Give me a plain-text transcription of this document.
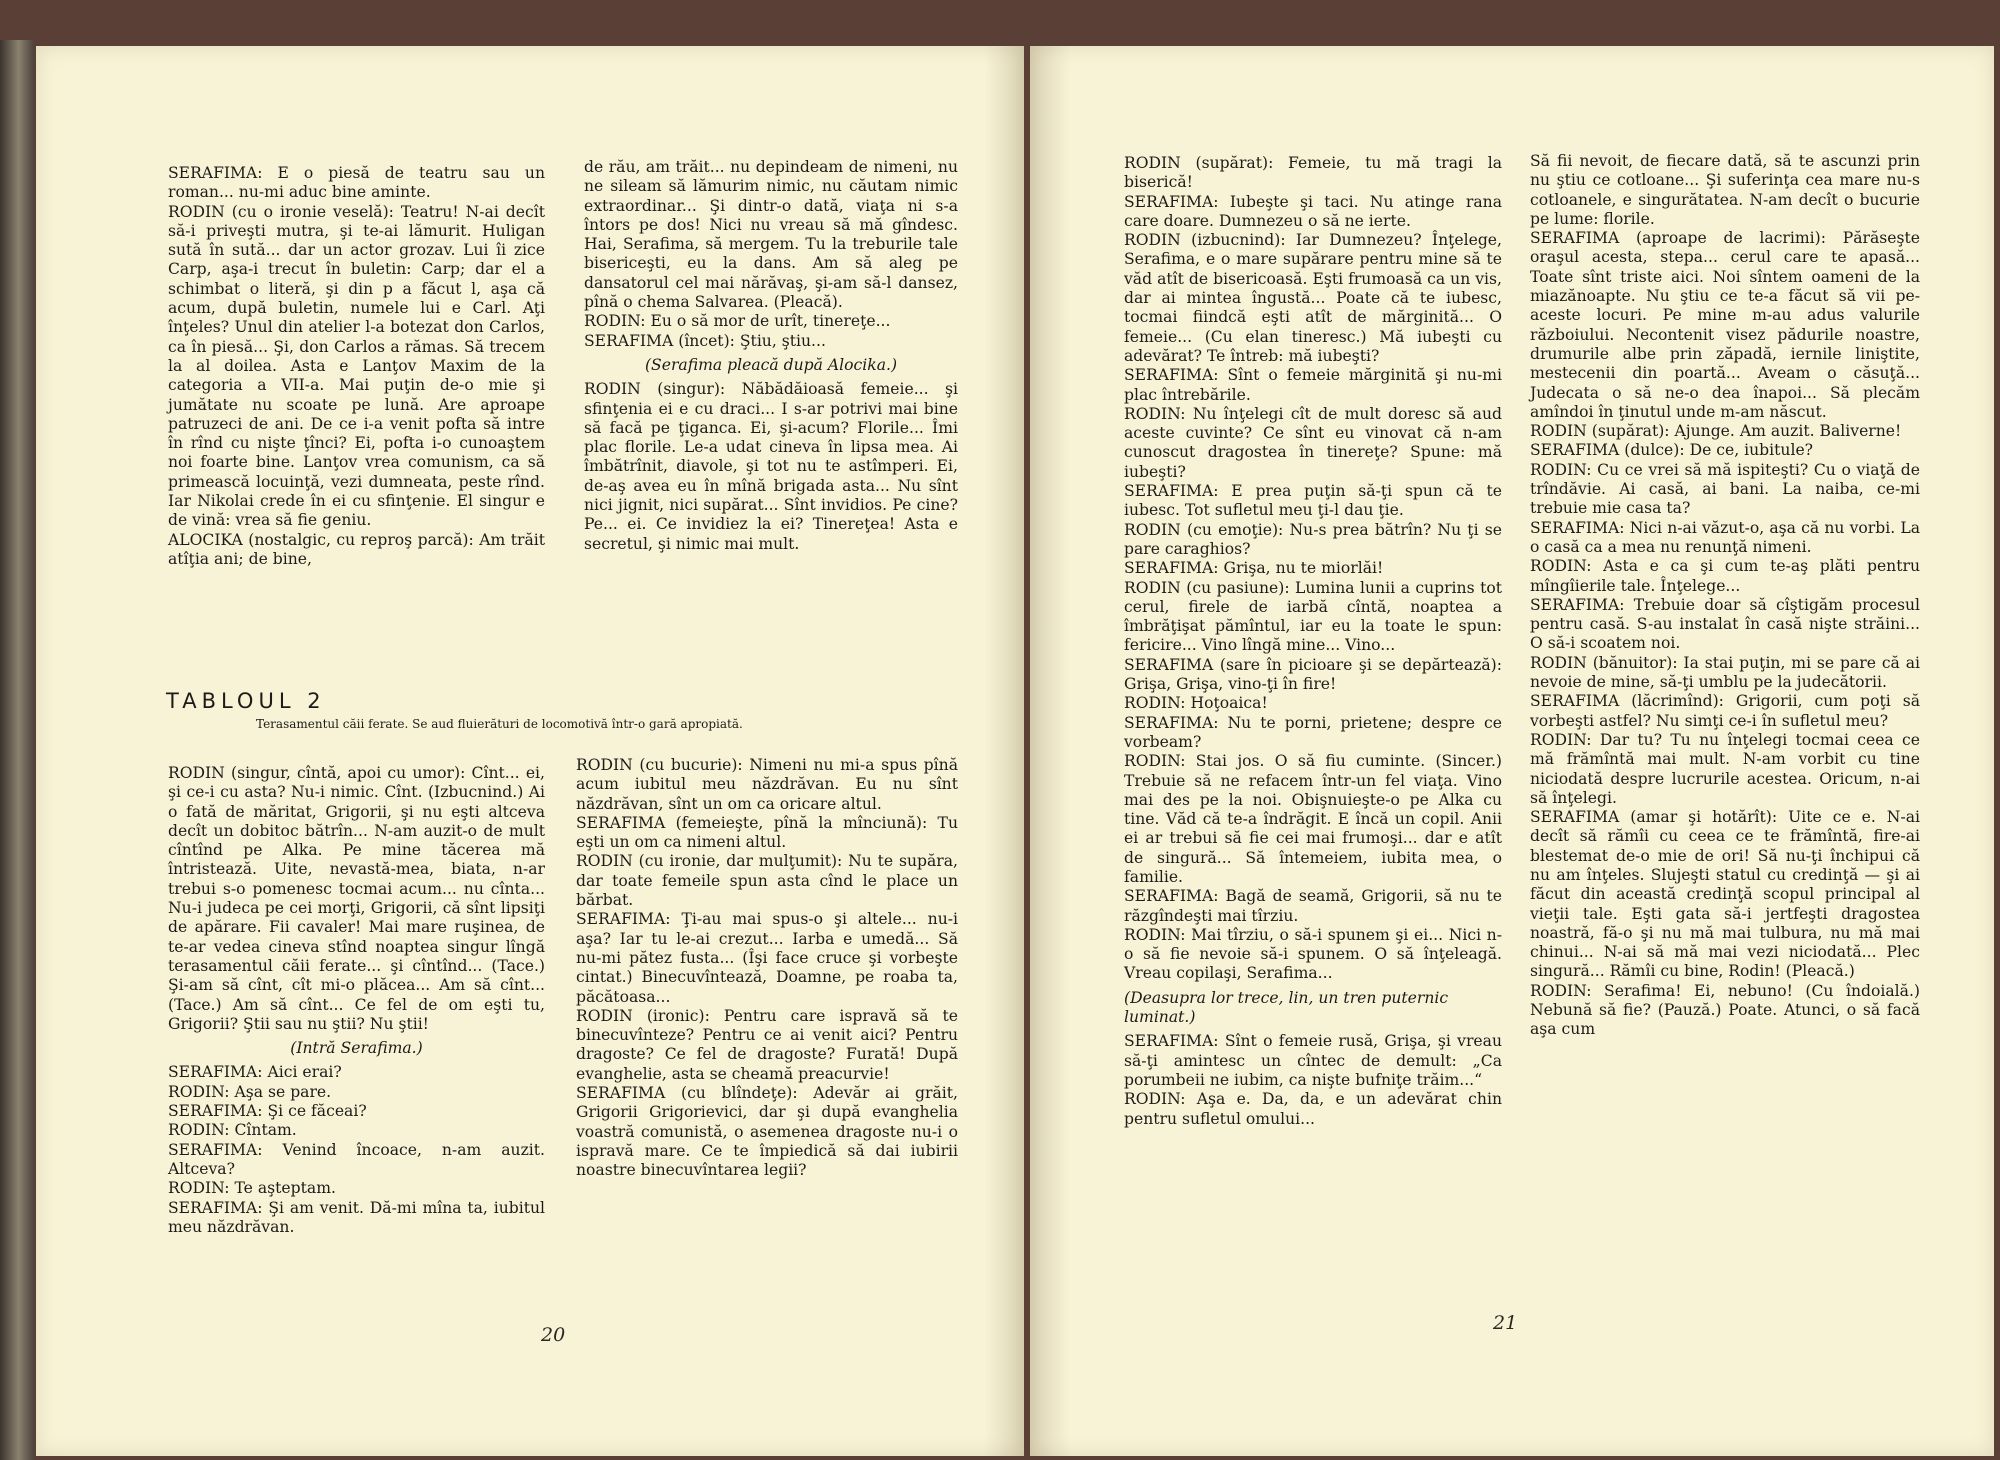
SERAFIMA: E o piesă de teatru sau un roman... nu-mi aduc bine aminte.

RODIN (cu o ironie veselă): Teatru! N-ai decît să-i priveşti mutra, şi te-ai lămurit. Huligan sută în sută... dar un actor grozav. Lui îi zice Carp, aşa-i trecut în buletin: Carp; dar el a schimbat o literă, şi din p a făcut l, aşa că acum, după buletin, numele lui e Carl. Aţi înţeles? Unul din atelier l-a botezat don Carlos, ca în piesă... Şi, don Carlos a rămas. Să trecem la al doilea. Asta e Lanţov Maxim de la categoria a VII-a. Mai puţin de-o mie şi jumătate nu scoate pe lună. Are aproape patruzeci de ani. De ce i-a venit pofta să intre în rînd cu nişte ţînci? Ei, pofta i-o cunoaştem noi foarte bine. Lanţov vrea comunism, ca să primească locuinţă, vezi dumneata, peste rînd. Iar Nikolai crede în ei cu sfinţenie. El singur e de vină: vrea să fie geniu.

ALOCIKA (nostalgic, cu reproş parcă): Am trăit atîţia ani; de bine,

de rău, am trăit... nu depindeam de nimeni, nu ne sileam să lămurim nimic, nu căutam nimic extraordinar... Şi dintr-o dată, viaţa ni s-a întors pe dos! Nici nu vreau să mă gîndesc. Hai, Serafima, să mergem. Tu la treburile tale bisericeşti, eu la dans. Am să aleg pe dansatorul cel mai nărăvaş, şi-am să-l dansez, pînă o chema Salvarea. (Pleacă).

RODIN: Eu o să mor de urît, tinereţe...

SERAFIMA (încet): Ştiu, ştiu...

(Serafima pleacă după Alocika.)

RODIN (singur): Năbădăioasă femeie... şi sfinţenia ei e cu draci... I s-ar potrivi mai bine să facă pe ţiganca. Ei, şi-acum? Florile... Îmi plac florile. Le-a udat cineva în lipsa mea. Ai îmbătrînit, diavole, şi tot nu te astîmperi. Ei, de-aş avea eu în mînă brigada asta... Nu sînt nici jignit, nici supărat... Sînt invidios. Pe cine? Pe... ei. Ce invidiez la ei? Tinereţea! Asta e secretul, şi nimic mai mult.

TABLOUL 2
Terasamentul căii ferate. Se aud fluierături de locomotivă într-o gară apropiată.

RODIN (singur, cîntă, apoi cu umor): Cînt... ei, şi ce-i cu asta? Nu-i nimic. Cînt. (Izbucnind.) Ai o fată de măritat, Grigorii, şi nu eşti altceva decît un dobitoc bătrîn... N-am auzit-o de mult cîntînd pe Alka. Pe mine tăcerea mă întristează. Uite, nevastă-mea, biata, n-ar trebui s-o pomenesc tocmai acum... nu cînta... Nu-i judeca pe cei morţi, Grigorii, că sînt lipsiţi de apărare. Fii cavaler! Mai mare ruşinea, de te-ar vedea cineva stînd noaptea singur lîngă terasamentul căii ferate... şi cîntînd... (Tace.) Şi-am să cînt, cît mi-o plăcea... Am să cînt... (Tace.) Am să cînt... Ce fel de om eşti tu, Grigorii? Ştii sau nu ştii? Nu ştii!

(Intră Serafima.)

SERAFIMA: Aici erai?

RODIN: Aşa se pare.

SERAFIMA: Şi ce făceai?

RODIN: Cîntam.

SERAFIMA: Venind încoace, n-am auzit. Altceva?

RODIN: Te aşteptam.

SERAFIMA: Şi am venit. Dă-mi mîna ta, iubitul meu năzdrăvan.

RODIN (cu bucurie): Nimeni nu mi-a spus pînă acum iubitul meu năzdrăvan. Eu nu sînt năzdrăvan, sînt un om ca oricare altul.

SERAFIMA (femeieşte, pînă la mînciună): Tu eşti un om ca nimeni altul.

RODIN (cu ironie, dar mulţumit): Nu te supăra, dar toate femeile spun asta cînd le place un bărbat.

SERAFIMA: Ţi-au mai spus-o şi altele... nu-i aşa? Iar tu le-ai crezut... Iarba e umedă... Să nu-mi pătez fusta... (Îşi face cruce şi vorbeşte cintat.) Binecuvîntează, Doamne, pe roaba ta, păcătoasa...

RODIN (ironic): Pentru care ispravă să te binecuvînteze? Pentru ce ai venit aici? Pentru dragoste? Ce fel de dragoste? Furată! După evanghelie, asta se cheamă preacurvie!

SERAFIMA (cu blîndeţe): Adevăr ai grăit, Grigorii Grigorievici, dar şi după evanghelia voastră comunistă, o asemenea dragoste nu-i o ispravă mare. Ce te împiedică să dai iubirii noastre binecuvîntarea legii?

20

RODIN (supărat): Femeie, tu mă tragi la biserică!

SERAFIMA: Iubeşte şi taci. Nu atinge rana care doare. Dumnezeu o să ne ierte.

RODIN (izbucnind): Iar Dumnezeu? Înţelege, Serafima, e o mare supărare pentru mine să te văd atît de bisericoasă. Eşti frumoasă ca un vis, dar ai mintea îngustă... Poate că te iubesc, tocmai fiindcă eşti atît de mărginită... O femeie... (Cu elan tineresc.) Mă iubeşti cu adevărat? Te întreb: mă iubeşti?

SERAFIMA: Sînt o femeie mărginită şi nu-mi plac întrebările.

RODIN: Nu înţelegi cît de mult doresc să aud aceste cuvinte? Ce sînt eu vinovat că n-am cunoscut dragostea în tinereţe? Spune: mă iubeşti?

SERAFIMA: E prea puţin să-ţi spun că te iubesc. Tot sufletul meu ţi-l dau ţie.

RODIN (cu emoţie): Nu-s prea bătrîn? Nu ţi se pare caraghios?

SERAFIMA: Grişa, nu te miorlăi!

RODIN (cu pasiune): Lumina lunii a cuprins tot cerul, firele de iarbă cîntă, noaptea a îmbrăţişat pămîntul, iar eu la toate le spun: fericire... Vino lîngă mine... Vino...

SERAFIMA (sare în picioare şi se depărtează): Grişa, Grişa, vino-ţi în fire!

RODIN: Hoţoaica!

SERAFIMA: Nu te porni, prietene; despre ce vorbeam?

RODIN: Stai jos. O să fiu cuminte. (Sincer.) Trebuie să ne refacem într-un fel viaţa. Vino mai des pe la noi. Obişnuieşte-o pe Alka cu tine. Văd că te-a îndrăgit. E încă un copil. Anii ei ar trebui să fie cei mai frumoşi... dar e atît de singură... Să întemeiem, iubita mea, o familie.

SERAFIMA: Bagă de seamă, Grigorii, să nu te răzgîndeşti mai tîrziu.

RODIN: Mai tîrziu, o să-i spunem şi ei... Nici n-o să fie nevoie să-i spunem. O să înţeleagă. Vreau copilaşi, Serafima...

(Deasupra lor trece, lin, un tren puternic luminat.)

SERAFIMA: Sînt o femeie rusă, Grişa, şi vreau să-ţi amintesc un cîntec de demult: „Ca porumbeii ne iubim, ca nişte bufniţe trăim...“

RODIN: Aşa e. Da, da, e un adevărat chin pentru sufletul omului...

Să fii nevoit, de fiecare dată, să te ascunzi prin nu ştiu ce cotloane... Şi suferinţa cea mare nu-s cotloanele, e singurătatea. N-am decît o bucurie pe lume: florile.

SERAFIMA (aproape de lacrimi): Părăseşte oraşul acesta, stepa... cerul care te apasă... Toate sînt triste aici. Noi sîntem oameni de la miazănoapte. Nu ştiu ce te-a făcut să vii pe-aceste locuri. Pe mine m-au adus valurile războiului. Necontenit visez pădurile noastre, drumurile albe prin zăpadă, iernile liniştite, mestecenii din poartă... Aveam o căsuţă... Judecata o să ne-o dea înapoi... Să plecăm amîndoi în ţinutul unde m-am născut.

RODIN (supărat): Ajunge. Am auzit. Baliverne!

SERAFIMA (dulce): De ce, iubitule?

RODIN: Cu ce vrei să mă ispiteşti? Cu o viaţă de trîndăvie. Ai casă, ai bani. La naiba, ce-mi trebuie mie casa ta?

SERAFIMA: Nici n-ai văzut-o, aşa că nu vorbi. La o casă ca a mea nu renunţă nimeni.

RODIN: Asta e ca şi cum te-aş plăti pentru mîngîierile tale. Înţelege...

SERAFIMA: Trebuie doar să cîştigăm procesul pentru casă. S-au instalat în casă nişte străini... O să-i scoatem noi.

RODIN (bănuitor): Ia stai puţin, mi se pare că ai nevoie de mine, să-ţi umblu pe la judecătorii.

SERAFIMA (lăcrimînd): Grigorii, cum poţi să vorbeşti astfel? Nu simţi ce-i în sufletul meu?

RODIN: Dar tu? Tu nu înţelegi tocmai ceea ce mă frămîntă mai mult. N-am vorbit cu tine niciodată despre lucrurile acestea. Oricum, n-ai să înţelegi.

SERAFIMA (amar şi hotărît): Uite ce e. N-ai decît să rămîi cu ceea ce te frămîntă, fire-ai blestemat de-o mie de ori! Să nu-ţi închipui că nu am înţeles. Slujeşti statul cu credinţă — şi ai făcut din această credinţă scopul principal al vieţii tale. Eşti gata să-i jertfeşti dragostea noastră, fă-o şi nu mă mai tulbura, nu mă mai chinui... N-ai să mă mai vezi niciodată... Plec singură... Rămîi cu bine, Rodin! (Pleacă.)

RODIN: Serafima! Ei, nebuno! (Cu îndoială.) Nebună să fie? (Pauză.) Poate. Atunci, o să facă aşa cum

21
